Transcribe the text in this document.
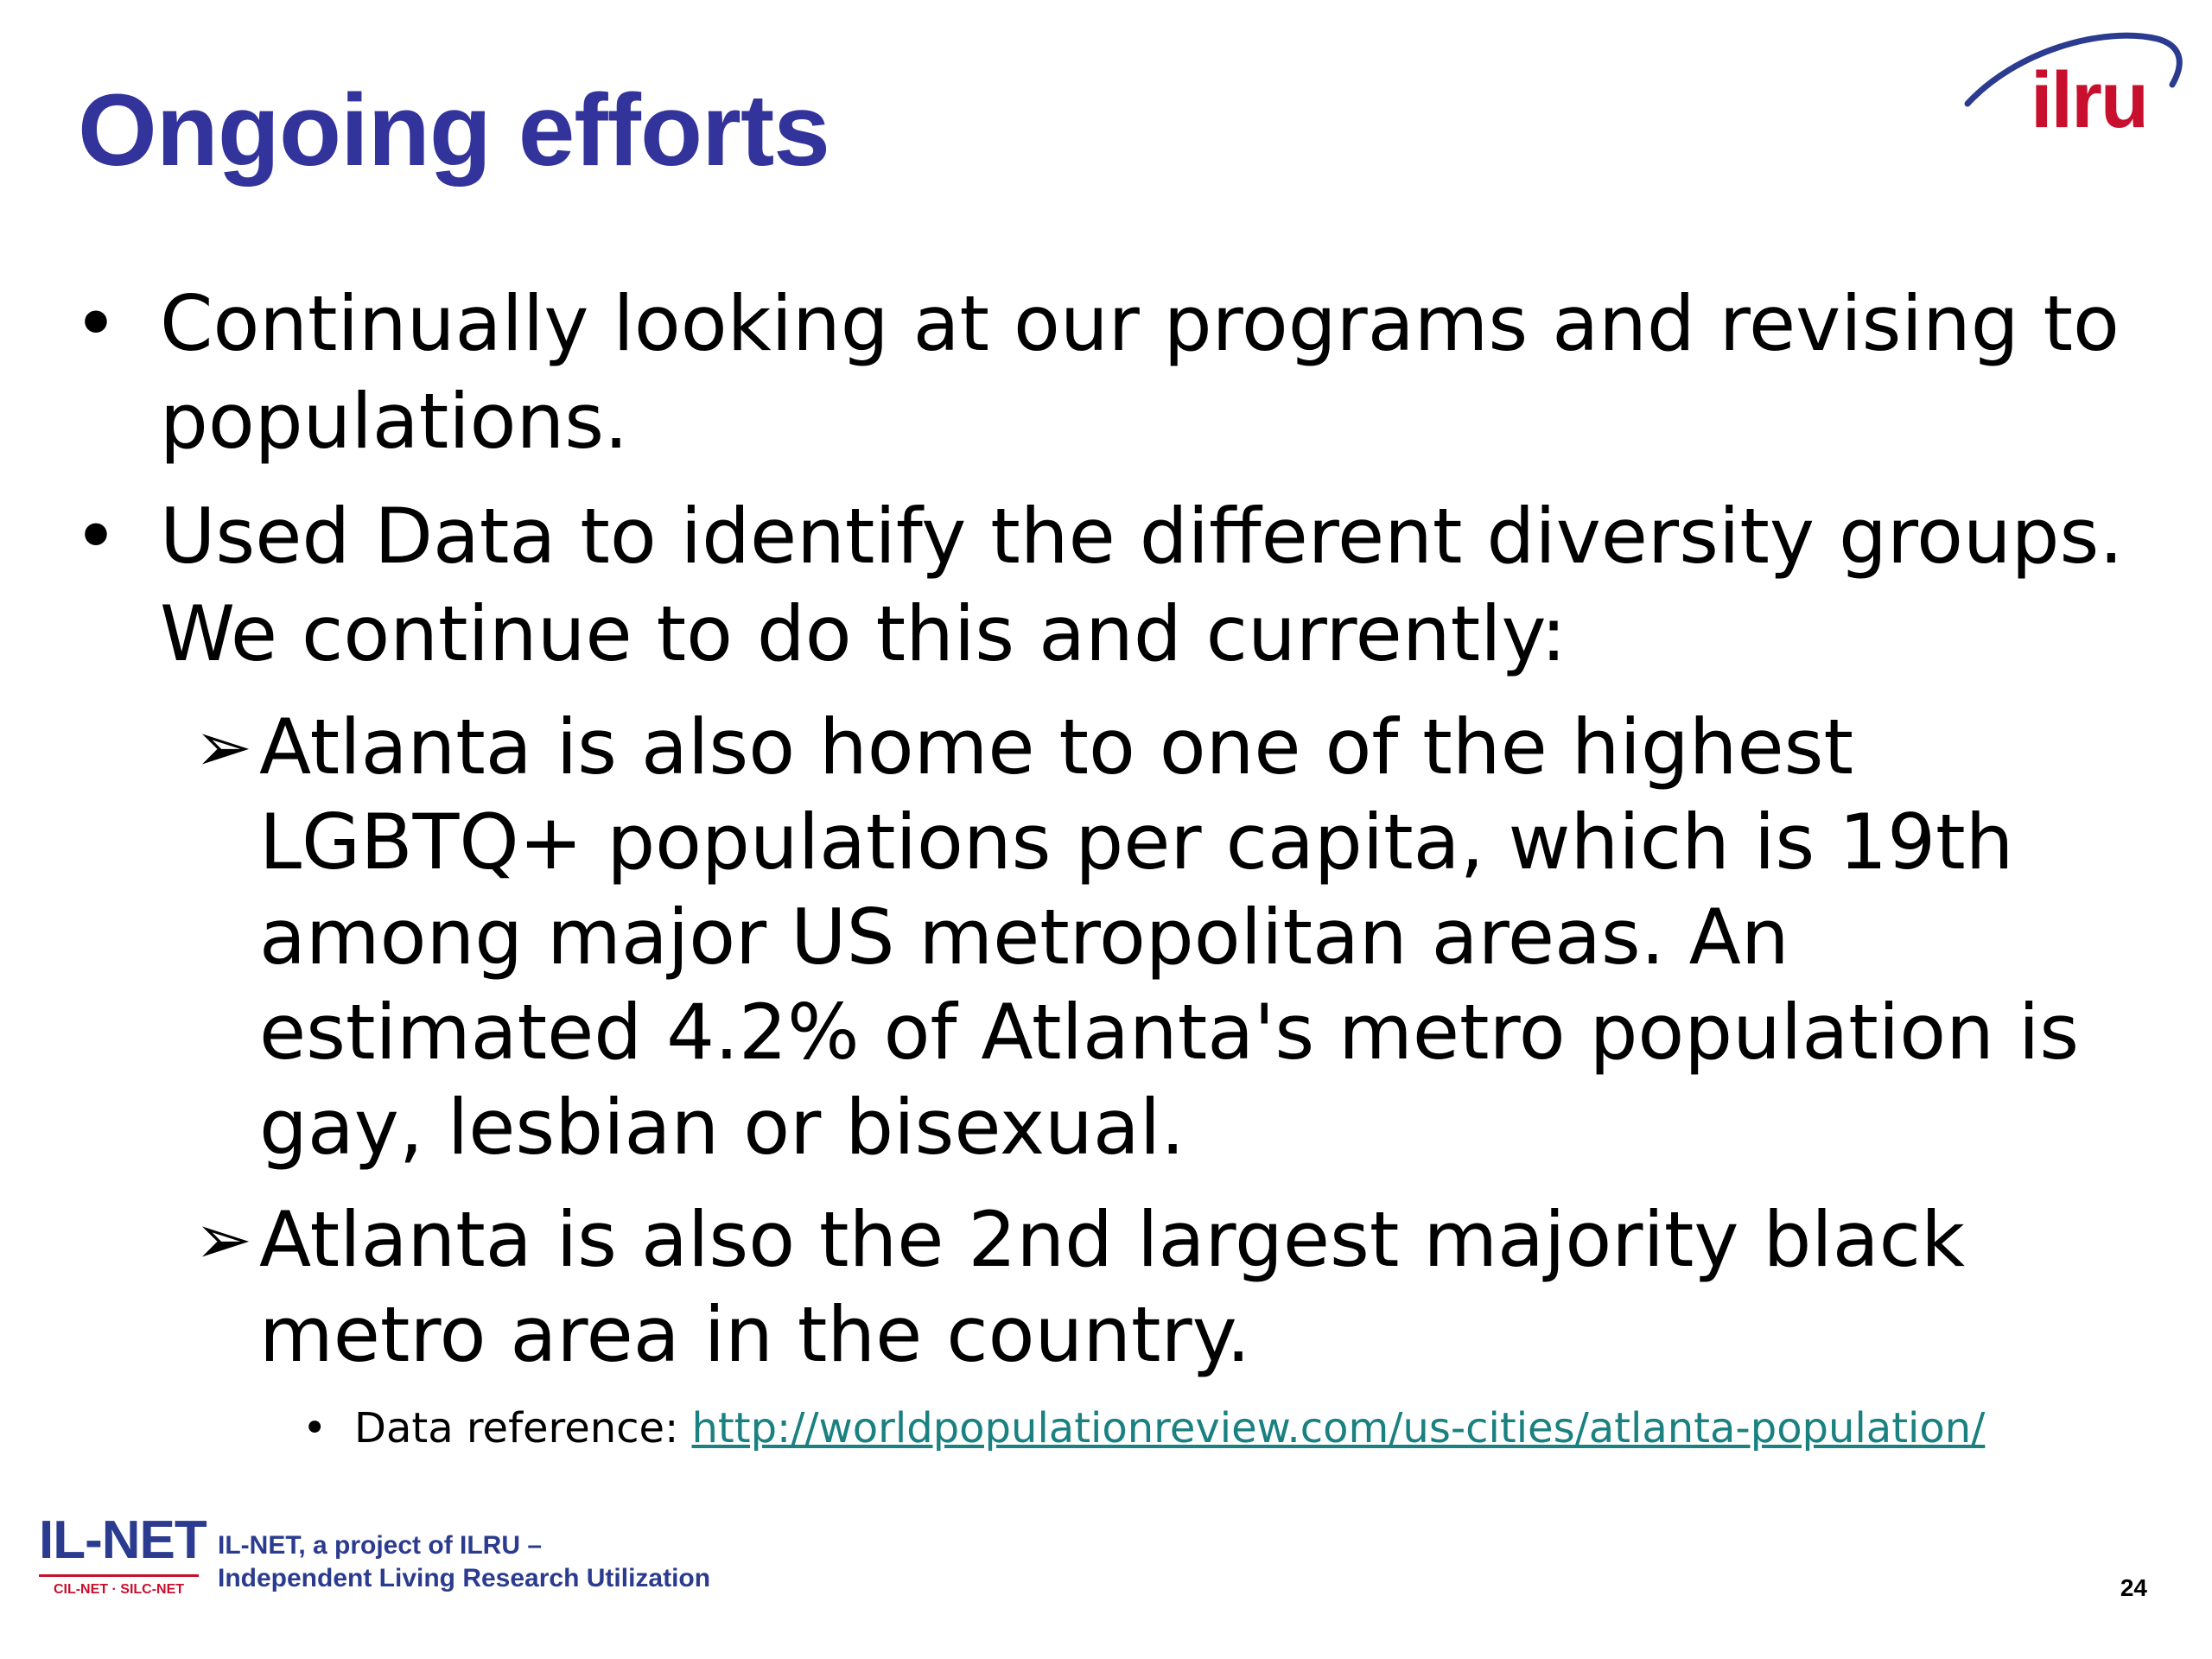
Ongoing efforts	ilru
• Continually looking at our programs and revising to populations.
• Used Data to identify the different diversity groups. We continue to do this and currently:
➢ Atlanta is also home to one of the highest LGBTQ+ populations per capita, which is 19th among major US metropolitan areas. An estimated 4.2% of Atlanta's metro population is gay, lesbian or bisexual.
➢ Atlanta is also the 2nd largest majority black metro area in the country.
• Data reference: http://worldpopulationreview.com/us-cities/atlanta-population/
IL-NET
CIL-NET · SILC-NET
IL-NET, a project of ILRU –
Independent Living Research Utilization	24
